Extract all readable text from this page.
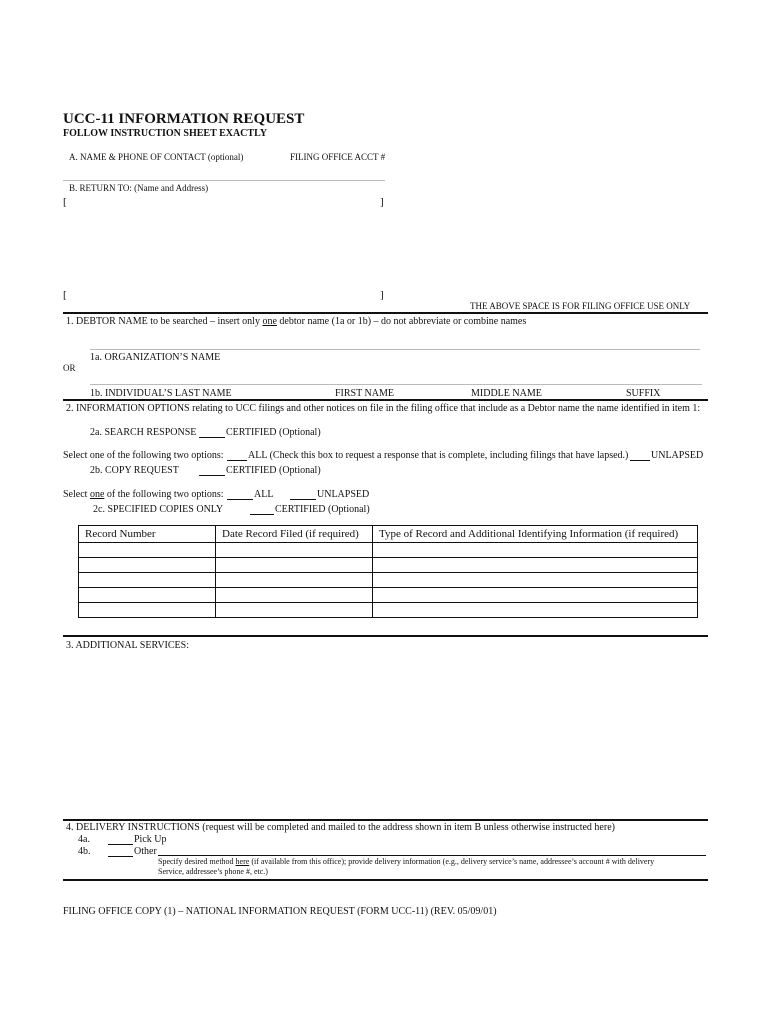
UCC-11 INFORMATION REQUEST
FOLLOW INSTRUCTION SHEET EXACTLY
A. NAME & PHONE OF CONTACT (optional)	FILING OFFICE ACCT #
B. RETURN TO: (Name and Address)
[	]
[	]
THE ABOVE SPACE IS FOR FILING OFFICE USE ONLY
1. DEBTOR NAME to be searched – insert only one debtor name (1a or 1b) – do not abbreviate or combine names
1a. ORGANIZATION’S NAME
OR
1b. INDIVIDUAL’S LAST NAME	FIRST NAME	MIDDLE NAME	SUFFIX
2. INFORMATION OPTIONS relating to UCC filings and other notices on file in the filing office that include as a Debtor name the name identified in item 1:
2a. SEARCH RESPONSE	CERTIFIED (Optional)
Select one of the following two options: ALL (Check this box to request a response that is complete, including filings that have lapsed.) UNLAPSED
2b. COPY REQUEST	CERTIFIED (Optional)
Select one of the following two options:	ALL	UNLAPSED
2c. SPECIFIED COPIES ONLY	CERTIFIED (Optional)
Record Number	Date Record Filed (if required)	Type of Record and Additional Identifying Information (if required)

3. ADDITIONAL SERVICES:
4. DELIVERY INSTRUCTIONS (request will be completed and mailed to the address shown in item B unless otherwise instructed here)
4a.	Pick Up
4b.	Other
Specify desired method here (if available from this office); provide delivery information (e.g., delivery service’s name, addressee’s account # with delivery
Service, addressee’s phone #, etc.)
FILING OFFICE COPY (1) – NATIONAL INFORMATION REQUEST (FORM UCC-11) (REV. 05/09/01)
